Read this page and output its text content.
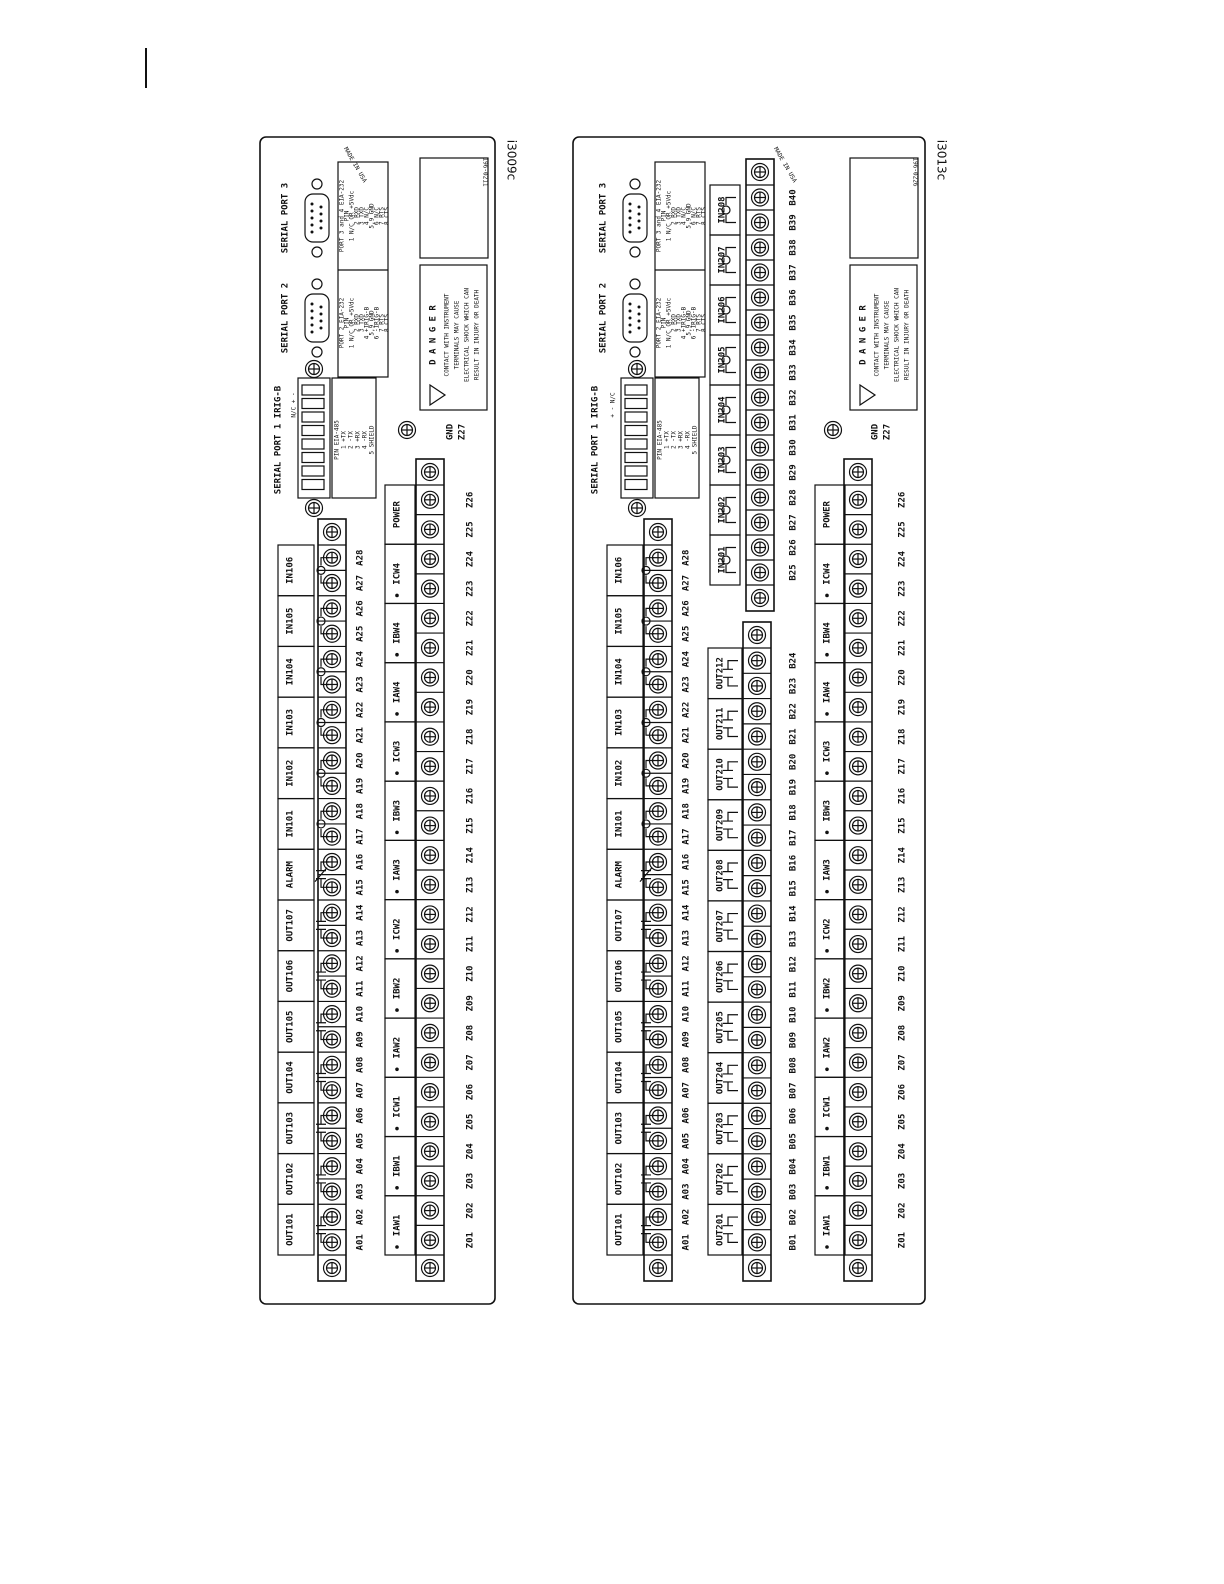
i3009c
196-0211
D A N G E R CONTACT WITH INSTRUMENT TERMINALS MAY CAUSE ELECTRICAL SHOCK WHICH CAN RESULT IN INJURY OR DEATH
MADE IN USA
SERIAL PORT 3
SERIAL PORT 2
PORT 3 and 4 EIA-232
PIN
1 N/C OR +5Vdc
2 RXD
3 TXD
4 N/C
5,9 GND
6 N/C
7 RTS
8 CTS
PORT 2 EIA-232
PIN
1 N/C OR +5Vdc
2 RXD
3 TXD
4 +IRIG-B
5,9 GND
6 -IRIG-B
7 RTS
8 CTS
SERIAL PORT 1 IRIG-B N/C + -
PIN EIA-485 1 +TX 2 -TX 3 +RX 4 -RX 5 SHIELD	GND Z27
A01
A02
A03
A04
A05
A06
A07
A08
A09
A10
A11
A12
A13
A14
A15
A16
A17
A18
A19
A20
A21
A22
A23
A24
A25
A26
A27
A28
OUT101
OUT102
OUT103
OUT104
OUT105
OUT106
OUT107
ALARM
IN101
IN102
IN103
IN104
IN105
IN106
i3013c
196-0226
D A N G E R CONTACT WITH INSTRUMENT TERMINALS MAY CAUSE ELECTRICAL SHOCK WHICH CAN RESULT IN INJURY OR DEATH
MADE IN USA
SERIAL PORT 3
SERIAL PORT 2
PORT 3 and 4 EIA-232
PIN
1 N/C OR +5Vdc
2 RXD
3 TXD
4 N/C
5,9 GND
6 N/C
7 RTS
8 CTS
PORT 2 EIA-232
PIN
1 N/C OR +5Vdc
2 RXD
3 TXD
4 +IRIG-B
5,9 GND
6 -IRIG-B
7 RTS
8 CTS
SERIAL PORT 1 IRIG-B + - N/C
PIN EIA-485 1 +TX 2 -TX 3 +RX 4 -RX 5 SHIELD	GND Z27
A01
A02
A03
A04
A05
A06
A07
A08
A09
A10
A11
A12
A13
A14
A15
A16
A17
A18
A19
A20
A21
A22
A23
A24
A25
A26
A27
A28
OUT101
OUT102
OUT103
OUT104
OUT105
OUT106
OUT107
ALARM
IN101
IN102
IN103
IN104
IN105
IN106
Z01
Z02
Z03
Z04
Z05
Z06
Z07
Z08
Z09
Z10
Z11
Z12
Z13
Z14
Z15
Z16
Z17
Z18
Z19
Z20
Z21
Z22
Z23
Z24
Z25
Z26
IAW1
IBW1
ICW1
IAW2
IBW2
ICW2
IAW3
IBW3
ICW3
IAW4
IBW4
ICW4
POWER
B01
B02
B03
B04
B05
B06
B07
B08
B09
B10
B11
B12
B13
B14
B15
B16
B17
B18
B19
B20
B21
B22
B23
B24
OUT201
OUT202
OUT203
OUT204
OUT205
OUT206
OUT207
OUT208
OUT209
OUT210
OUT211
OUT212
B25
B26
B27
B28
B29
B30
B31
B32
B33
B34
B35
B36
B37
B38
B39
B40
IN201
IN202
IN203
IN204
IN205
IN206
IN207
IN208
Z01
Z02
Z03
Z04
Z05
Z06
Z07
Z08
Z09
Z10
Z11
Z12
Z13
Z14
Z15
Z16
Z17
Z18
Z19
Z20
Z21
Z22
Z23
Z24
Z25
Z26
IAW1
IBW1
ICW1
IAW2
IBW2
ICW2
IAW3
IBW3
ICW3
IAW4
IBW4
ICW4
POWER
